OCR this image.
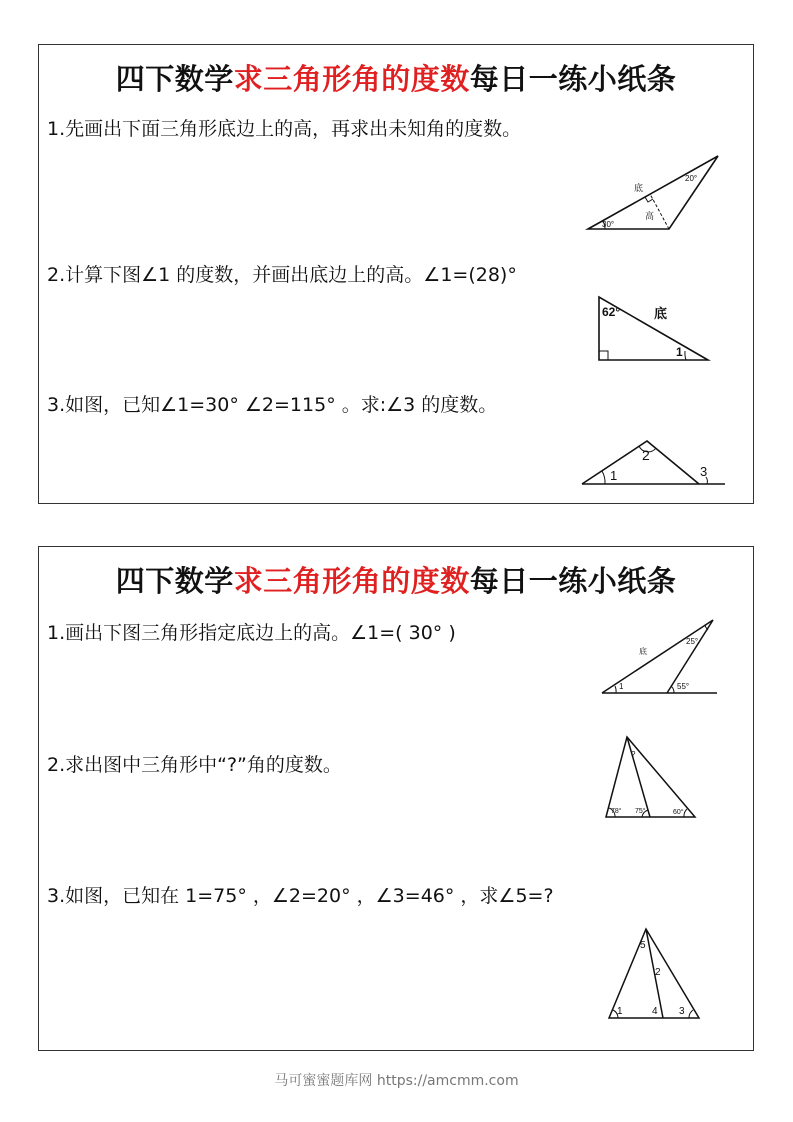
四下数学求三角形角的度数每日一练小纸条
1.先画出下面三角形底边上的高，再求出未知角的度数。
底
高
30°
20°
2.计算下图∠1 的度数，并画出底边上的高。∠1=(28)°
62°	底
1
3.如图，已知∠1=30° ∠2=115° 。求:∠3 的度数。
1
2
3
四下数学求三角形角的度数每日一练小纸条
1.画出下图三角形指定底边上的高。∠1=( 30° )
底
25°
55°
1
2.求出图中三角形中“?”角的度数。
78° 75°	60°
?
3.如图，已知在 1=75° ，∠2=20° ，∠3=46° ，求∠5=?
5
2
1	4 3
马可蜜蜜题库网 https://amcmm.com
